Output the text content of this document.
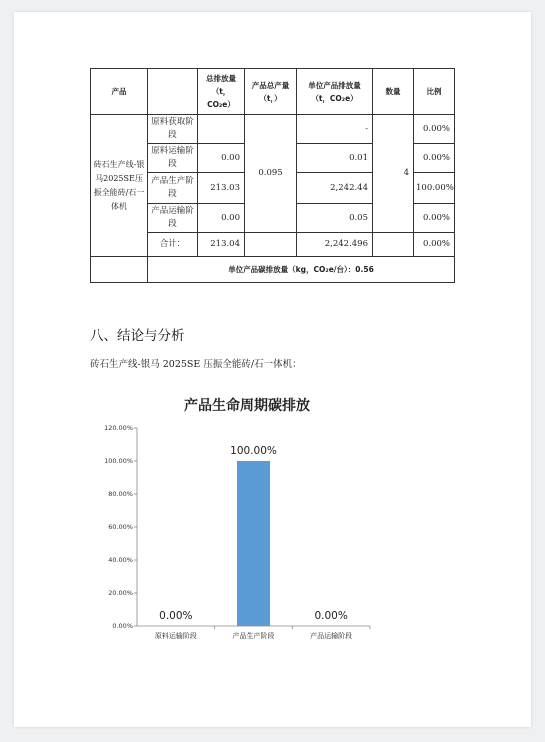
产品		总排放量（t，CO₂e）	产品总产量（t，）	单位产品排放量（t，CO₂e）	数量	比例
砖石生产线-银马2025SE压振全能砖/石一体机	原料获取阶段		0.095	-	4	0.00%
	原料运输阶段	0.00		0.01		0.00%
	产品生产阶段	213.03		2,242.44		100.00%
	产品运输阶段	0.00		0.05		0.00%
	合计：	213.04		2,242.496		0.00%
	单位产品碳排放量（kg，CO₂e/台）：0.56					
八、结论与分析
砖石生产线-银马 2025SE 压振全能砖/石一体机：
产品生命周期碳排放
0.00%
20.00%
40.00%
60.00%
80.00%
100.00%
120.00%
0.00%
原料运输阶段
100.00%
产品生产阶段
0.00%
产品运输阶段
